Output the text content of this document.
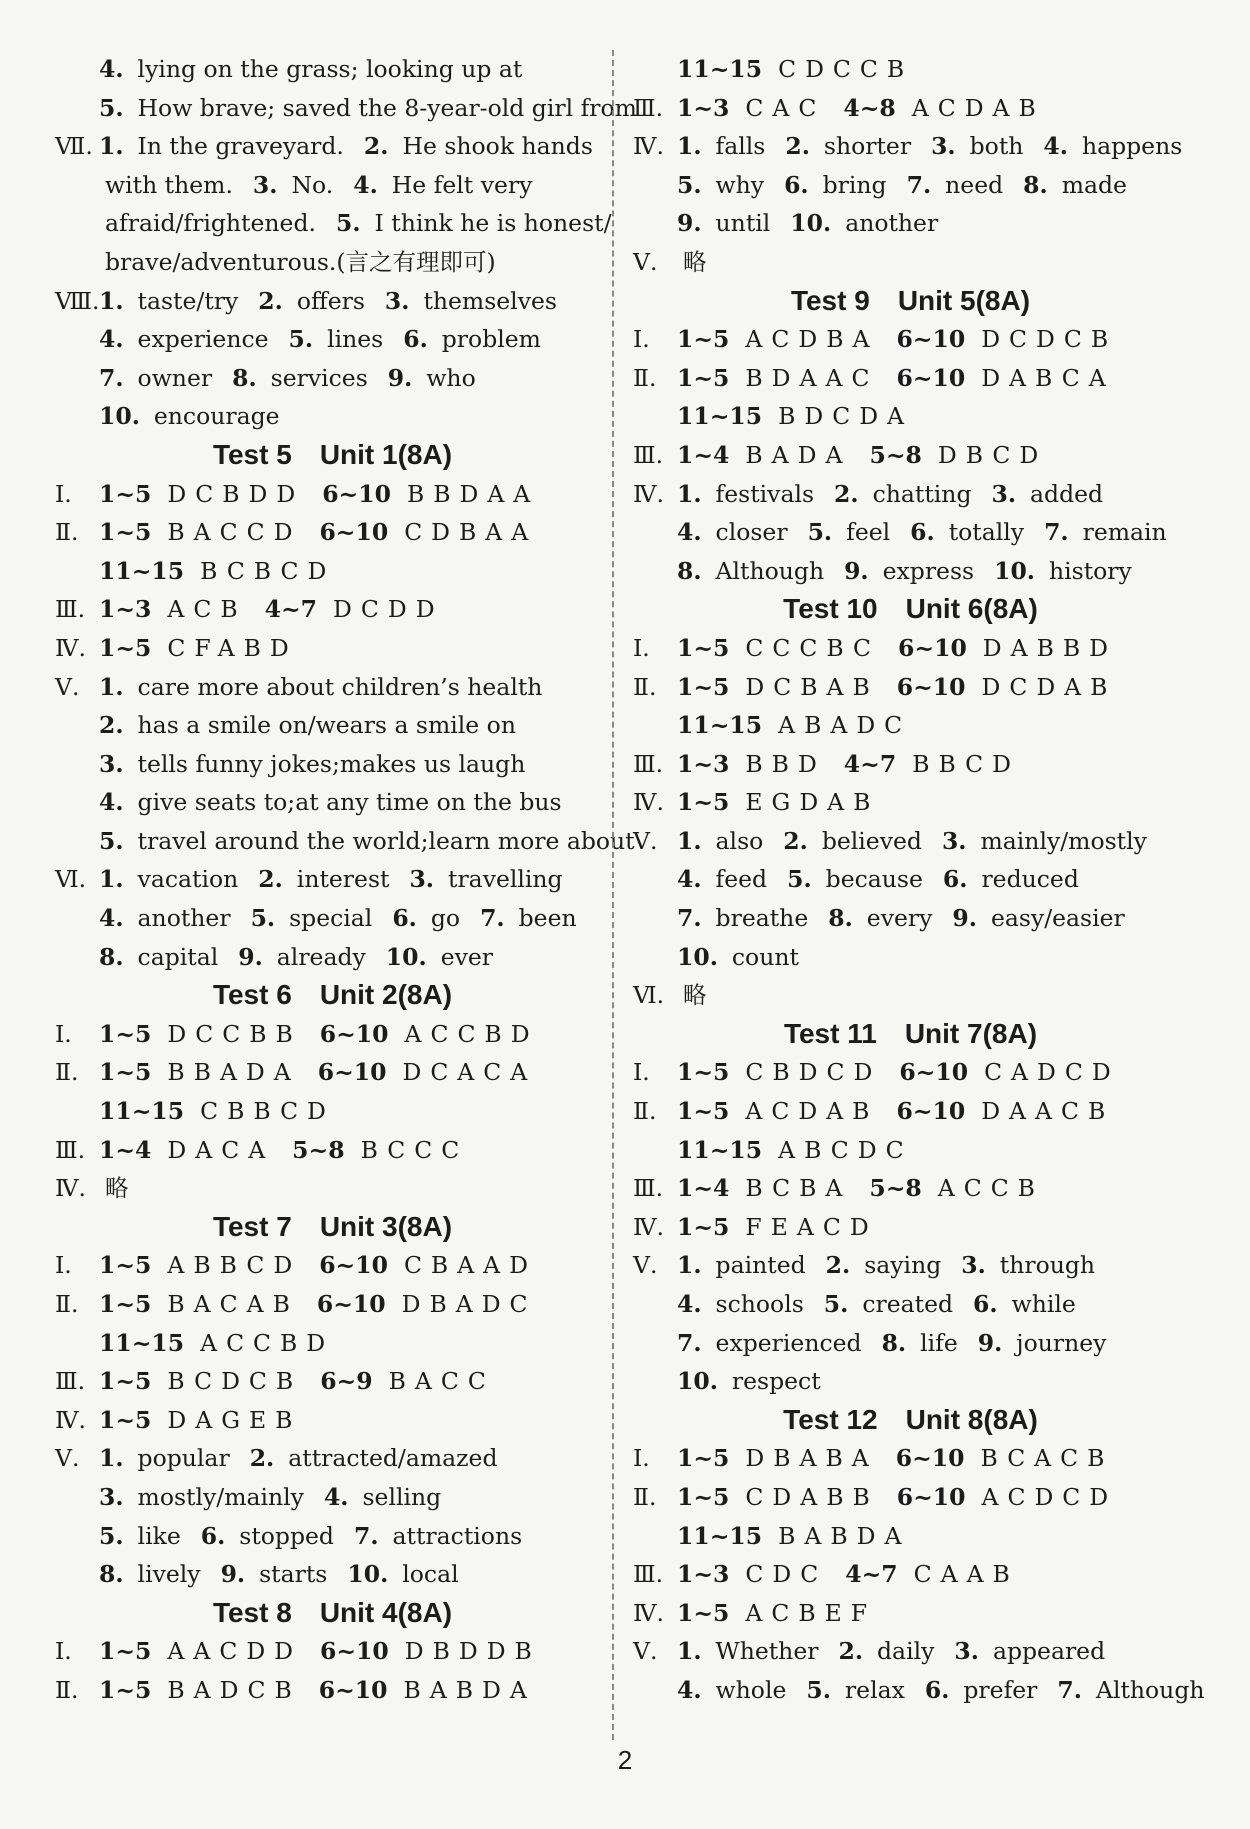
4. lying on the grass; looking up at
5. How brave; saved the 8-year-old girl from
Ⅶ. 1. In the graveyard. 2. He shook hands
with them. 3. No. 4. He felt very
afraid/frightened. 5. I think he is honest/
brave/adventurous.(言之有理即可)
Ⅷ.1. taste/try 2. offers 3. themselves
4. experience 5. lines 6. problem
7. owner 8. services 9. who
10. encourage
Test 5 Unit 1(8A)
Ⅰ. 1~5 DCBDD 6~10 BBDAA
Ⅱ. 1~5 BACCD 6~10 CDBAA
11~15 BCBCD
Ⅲ. 1~3 ACB 4~7 DCDD
Ⅳ. 1~5 CFABD
Ⅴ. 1. care more about children’s health
2. has a smile on/wears a smile on
3. tells funny jokes;makes us laugh
4. give seats to;at any time on the bus
5. travel around the world;learn more about
Ⅵ. 1. vacation 2. interest 3. travelling
4. another 5. special 6. go 7. been
8. capital 9. already 10. ever
Test 6 Unit 2(8A)
Ⅰ. 1~5 DCCBB 6~10 ACCBD
Ⅱ. 1~5 BBADA 6~10 DCACA
11~15 CBBCD
Ⅲ. 1~4 DACA 5~8 BCCC
Ⅳ. 略
Test 7 Unit 3(8A)
Ⅰ. 1~5 ABBCD 6~10 CBAAD
Ⅱ. 1~5 BACAB 6~10 DBADC
11~15 ACCBD
Ⅲ. 1~5 BCDCB 6~9 BACC
Ⅳ. 1~5 DAGEB
Ⅴ. 1. popular 2. attracted/amazed
3. mostly/mainly 4. selling
5. like 6. stopped 7. attractions
8. lively 9. starts 10. local
Test 8 Unit 4(8A)
Ⅰ. 1~5 AACDD 6~10 DBDDB
Ⅱ. 1~5 BADCB 6~10 BABDA
11~15 CDCCB
Ⅲ. 1~3 CAC 4~8 ACDAB
Ⅳ. 1. falls 2. shorter 3. both 4. happens
5. why 6. bring 7. need 8. made
9. until 10. another
Ⅴ. 略
Test 9 Unit 5(8A)
Ⅰ. 1~5 ACDBA 6~10 DCDCB
Ⅱ. 1~5 BDAAC 6~10 DABCA
11~15 BDCDA
Ⅲ. 1~4 BADA 5~8 DBCD
Ⅳ. 1. festivals 2. chatting 3. added
4. closer 5. feel 6. totally 7. remain
8. Although 9. express 10. history
Test 10 Unit 6(8A)
Ⅰ. 1~5 CCCBC 6~10 DABBD
Ⅱ. 1~5 DCBAB 6~10 DCDAB
11~15 ABADC
Ⅲ. 1~3 BBD 4~7 BBCD
Ⅳ. 1~5 EGDAB
Ⅴ. 1. also 2. believed 3. mainly/mostly
4. feed 5. because 6. reduced
7. breathe 8. every 9. easy/easier
10. count
Ⅵ. 略
Test 11 Unit 7(8A)
Ⅰ. 1~5 CBDCD 6~10 CADCD
Ⅱ. 1~5 ACDAB 6~10 DAACB
11~15 ABCDC
Ⅲ. 1~4 BCBA 5~8 ACCB
Ⅳ. 1~5 FEACD
Ⅴ. 1. painted 2. saying 3. through
4. schools 5. created 6. while
7. experienced 8. life 9. journey
10. respect
Test 12 Unit 8(8A)
Ⅰ. 1~5 DBABA 6~10 BCACB
Ⅱ. 1~5 CDABB 6~10 ACDCD
11~15 BABDA
Ⅲ. 1~3 CDC 4~7 CAAB
Ⅳ. 1~5 ACBEF
Ⅴ. 1. Whether 2. daily 3. appeared
4. whole 5. relax 6. prefer 7. Although
2
